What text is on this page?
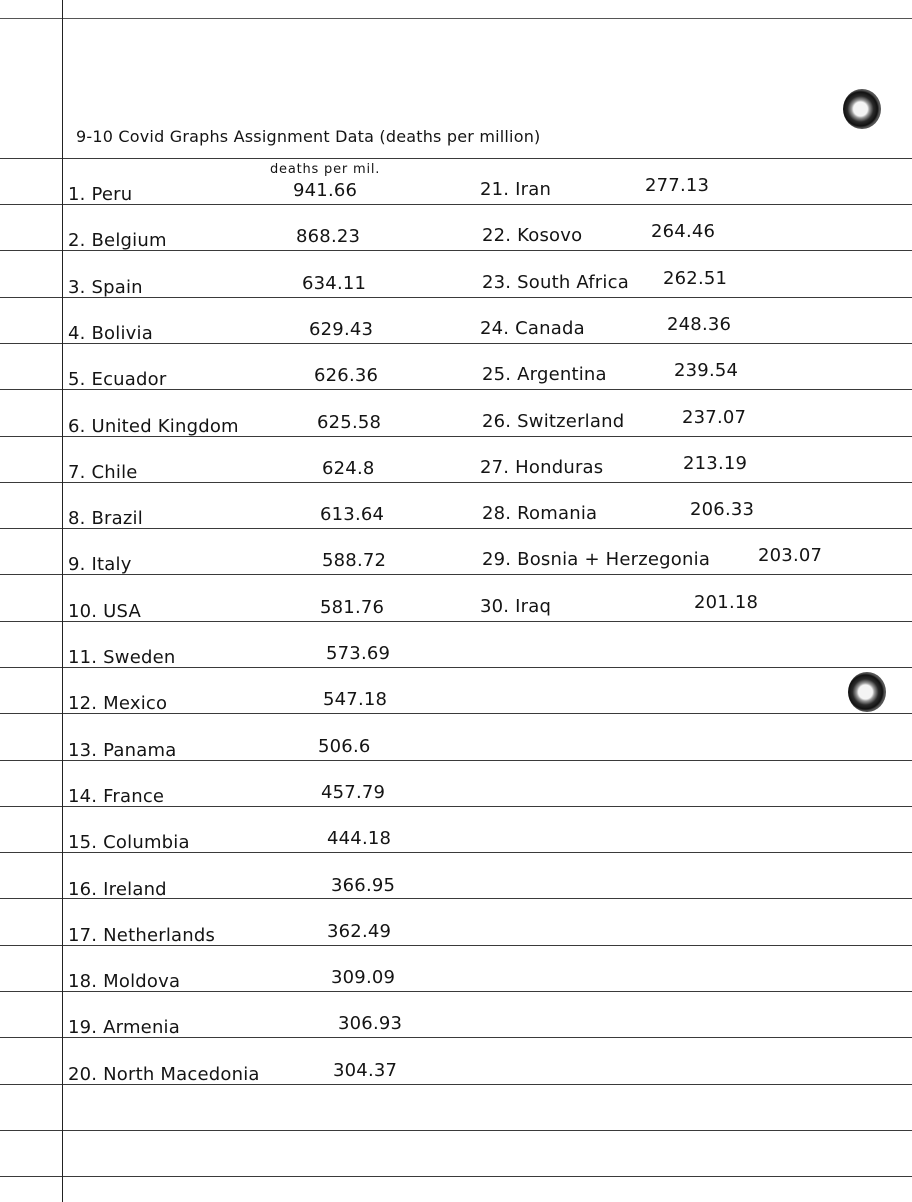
9-10 Covid Graphs Assignment Data (deaths per million)
deaths per mil.
1. Peru	941.66
2. Belgium	868.23
3. Spain	634.11
4. Bolivia	629.43
5. Ecuador	626.36
6. United Kingdom	625.58
7. Chile	624.8
8. Brazil	613.64
9. Italy	588.72
10. USA	581.76
11. Sweden	573.69
12. Mexico	547.18
13. Panama	506.6
14. France	457.79
15. Columbia	444.18
16. Ireland	366.95
17. Netherlands	362.49
18. Moldova	309.09
19. Armenia	306.93
20. North Macedonia	304.37
21. Iran	277.13
22. Kosovo	264.46
23. South Africa 262.51
24. Canada	248.36
25. Argentina	239.54
26. Switzerland	237.07
27. Honduras	213.19
28. Romania	206.33
29. Bosnia + Herzegonia	203.07
30. Iraq	201.18
